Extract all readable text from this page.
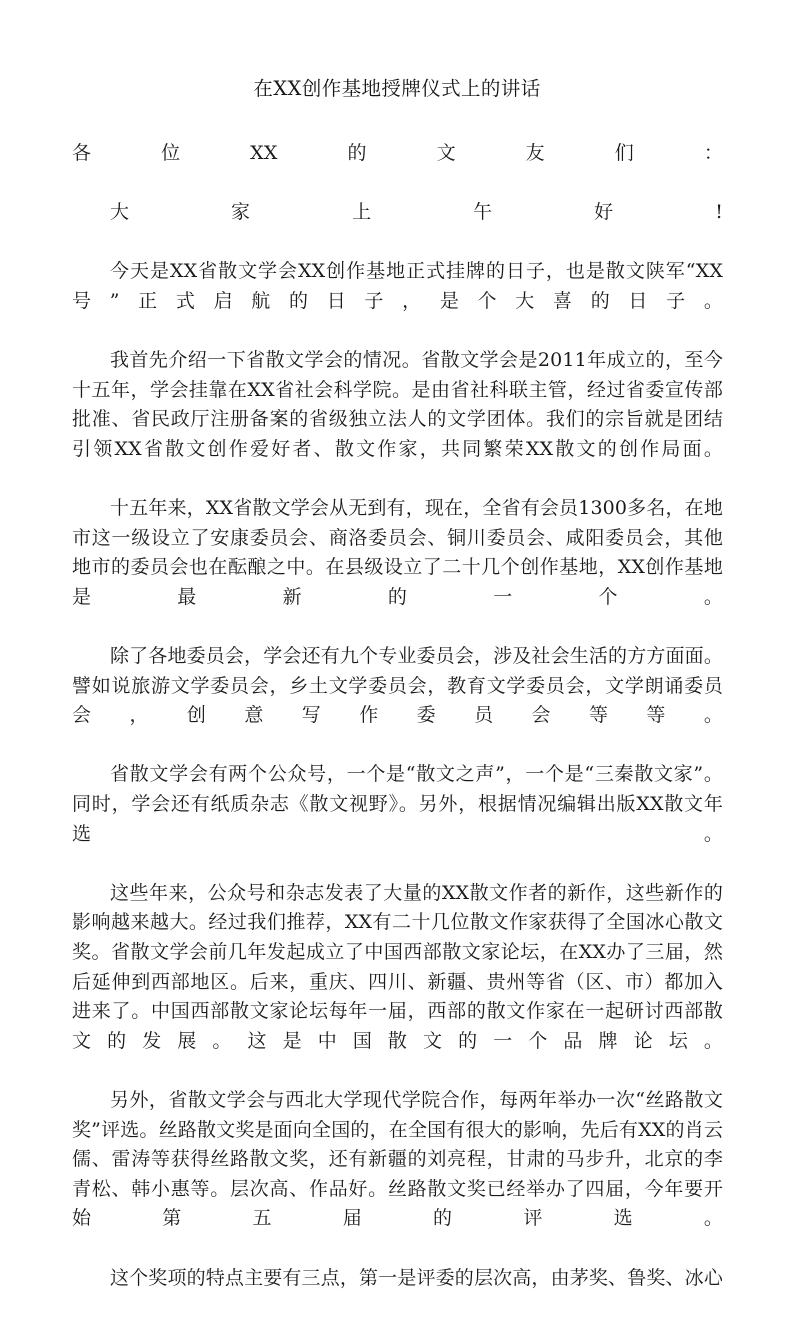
在XX创作基地授牌仪式上的讲话

各位XX的文友们：

大家上午好!

今天是XX省散文学会XX创作基地正式挂牌的日子，也是散文陕军“XX号”正式启航的日子，是个大喜的日子。

我首先介绍一下省散文学会的情况。省散文学会是2011年成立的，至今十五年，学会挂靠在XX省社会科学院。是由省社科联主管，经过省委宣传部批准、省民政厅注册备案的省级独立法人的文学团体。我们的宗旨就是团结引领XX省散文创作爱好者、散文作家，共同繁荣XX散文的创作局面。

十五年来，XX省散文学会从无到有，现在，全省有会员1300多名，在地市这一级设立了安康委员会、商洛委员会、铜川委员会、咸阳委员会，其他地市的委员会也在酝酿之中。在县级设立了二十几个创作基地，XX创作基地是最新的一个。

除了各地委员会，学会还有九个专业委员会，涉及社会生活的方方面面。譬如说旅游文学委员会，乡土文学委员会，教育文学委员会，文学朗诵委员会，创意写作委员会等等。

省散文学会有两个公众号，一个是“散文之声”，一个是“三秦散文家”。同时，学会还有纸质杂志《散文视野》。另外，根据情况编辑出版XX散文年选。

这些年来，公众号和杂志发表了大量的XX散文作者的新作，这些新作的影响越来越大。经过我们推荐，XX有二十几位散文作家获得了全国冰心散文奖。省散文学会前几年发起成立了中国西部散文家论坛，在XX办了三届，然后延伸到西部地区。后来，重庆、四川、新疆、贵州等省（区、市）都加入进来了。中国西部散文家论坛每年一届，西部的散文作家在一起研讨西部散文的发展。这是中国散文的一个品牌论坛。

另外，省散文学会与西北大学现代学院合作，每两年举办一次“丝路散文奖”评选。丝路散文奖是面向全国的，在全国有很大的影响，先后有XX的肖云儒、雷涛等获得丝路散文奖，还有新疆的刘亮程，甘肃的马步升，北京的李青松、韩小惠等。层次高、作品好。丝路散文奖已经举办了四届，今年要开始第五届的评选。

这个奖项的特点主要有三点，第一是评委的层次高，由茅奖、鲁奖、冰心
